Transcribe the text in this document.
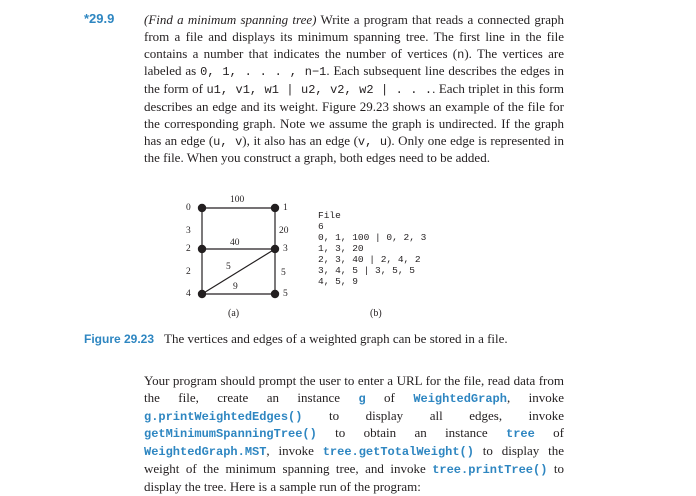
*29.9 (Find a minimum spanning tree) Write a program that reads a connected graph from a file and displays its minimum spanning tree. The first line in the file contains a number that indicates the number of vertices (n). The vertices are labeled as 0, 1, . . . , n−1. Each subsequent line describes the edges in the form of u1, v1, w1 | u2, v2, w2 | . . .. Each triplet in this form describes an edge and its weight. Figure 29.23 shows an example of the file for the corresponding graph. Note we assume the graph is undirected. If the graph has an edge (u, v), it also has an edge (v, u). Only one edge is represented in the file. When you construct a graph, both edges need to be added.

0	1
2	3
4	5
100
3	20
40
2	5
5
9
File
6
0, 1, 100 | 0, 2, 3
1, 3, 20
2, 3, 40 | 2, 4, 2
3, 4, 5 | 3, 5, 5
4, 5, 9
(a)	(b)
Figure 29.23 The vertices and edges of a weighted graph can be stored in a file.

Your program should prompt the user to enter a URL for the file, read data from the file, create an instance g of WeightedGraph, invoke g.printWeightedEdges() to display all edges, invoke getMinimumSpanningTree() to obtain an instance tree of WeightedGraph.MST, invoke tree.getTotalWeight() to display the weight of the minimum spanning tree, and invoke tree.printTree() to display the tree. Here is a sample run of the program:
